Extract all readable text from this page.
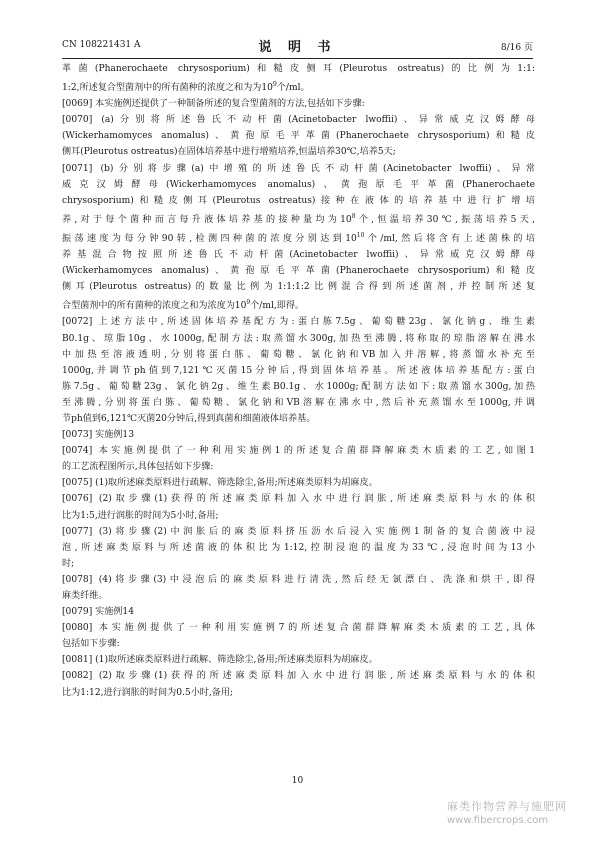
CN 108221431 A	说 明 书	8/16 页
革菌(Phanerochaete chrysosporium)和糙皮侧耳(Pleurotus ostreatus)的比例为1:1:
1:2,所述复合型菌剂中的所有菌种的浓度之和为为$10^9$个/ml。
[0069] 本实施例还提供了一种制备所述的复合型菌剂的方法,包括如下步骤:
[0070] (a)分别将所述鲁氏不动杆菌(Acinetobacter lwoffii)、异常威克汉姆酵母
(Wickerhamomyces anomalus)、黄孢原毛平革菌(Phanerochaete chrysosporium)和糙皮
侧耳(Pleurotus ostreatus)在固体培养基中进行增殖培养,恒温培养30℃,培养5天;
[0071] (b)分别将步骤(a)中增殖的所述鲁氏不动杆菌(Acinetobacter lwoffii)、异常
威克汉姆酵母(Wickerhamomyces anomalus)、黄孢原毛平革菌(Phanerochaete
chrysosporium)和糙皮侧耳(Pleurotus ostreatus)接种在液体的培养基中进行扩增培
养,对于每个菌种而言每升液体培养基的接种量均为$10^8$个,恒温培养30℃,振荡培养5天,
振荡速度为每分钟90转,检测四种菌的浓度分别达到$10^{10}$个/ml,然后将含有上述菌株的培
养基混合物按照所述鲁氏不动杆菌(Acinetobacter lwoffii)、异常威克汉姆酵母
(Wickerhamomyces anomalus)、黄孢原毛平革菌(Phanerochaete chrysosporium)和糙皮
侧耳(Pleurotus ostreatus)的数量比例为1:1:1:2比例混合得到所述菌剂,并控制所述复
合型菌剂中的所有菌种的浓度之和为浓度为$10^9$个/ml,即得。
[0072] 上述方法中,所述固体培养基配方为:蛋白胨7.5g、葡萄糖23g、氯化钠g、维生素
B0.1g、琼脂10g、水1000g,配制方法:取蒸馏水300g,加热至沸腾,将称取的琼脂溶解在沸水
中加热至溶液透明,分别将蛋白胨、葡萄糖、氯化钠和VB加入并溶解,将蒸馏水补充至
1000g,并调节ph值到7,121℃灭菌15分钟后,得到固体培养基。所述液体培养基配方:蛋白
胨7.5g、葡萄糖23g、氯化钠2g、维生素B0.1g、水1000g;配制方法如下:取蒸馏水300g,加热
至沸腾,分别将蛋白胨、葡萄糖、氯化钠和VB溶解在沸水中,然后补充蒸馏水至1000g,并调
节ph值到6,121℃灭菌20分钟后,得到真菌和细菌液体培养基。
[0073] 实施例13
[0074] 本实施例提供了一种利用实施例1的所述复合菌群降解麻类木质素的工艺,如图1
的工艺流程图所示,具体包括如下步骤:
[0075] (1)取所述麻类原料进行疏解、筛选除尘,备用;所述麻类原料为胡麻皮。
[0076] (2)取步骤(1)获得的所述麻类原料加入水中进行润胀,所述麻类原料与水的体积
比为1:5,进行润胀的时间为5小时,备用;
[0077] (3)将步骤(2)中润胀后的麻类原料挤压沥水后浸入实施例1制备的复合菌液中浸
泡,所述麻类原料与所述菌液的体积比为1:12,控制浸泡的温度为33℃,浸泡时间为13小
时;
[0078] (4)将步骤(3)中浸泡后的麻类原料进行清洗,然后经无氯漂白、洗涤和烘干,即得
麻类纤维。
[0079] 实施例14
[0080] 本实施例提供了一种利用实施例7的所述复合菌群降解麻类木质素的工艺,具体
包括如下步骤:
[0081] (1)取所述麻类原料进行疏解、筛选除尘,备用;所述麻类原料为胡麻皮。
[0082] (2)取步骤(1)获得的所述麻类原料加入水中进行润胀,所述麻类原料与水的体积
比为1:12,进行润胀的时间为0.5小时,备用;
10
麻类作物营养与施肥网
www.fibercrops.com
